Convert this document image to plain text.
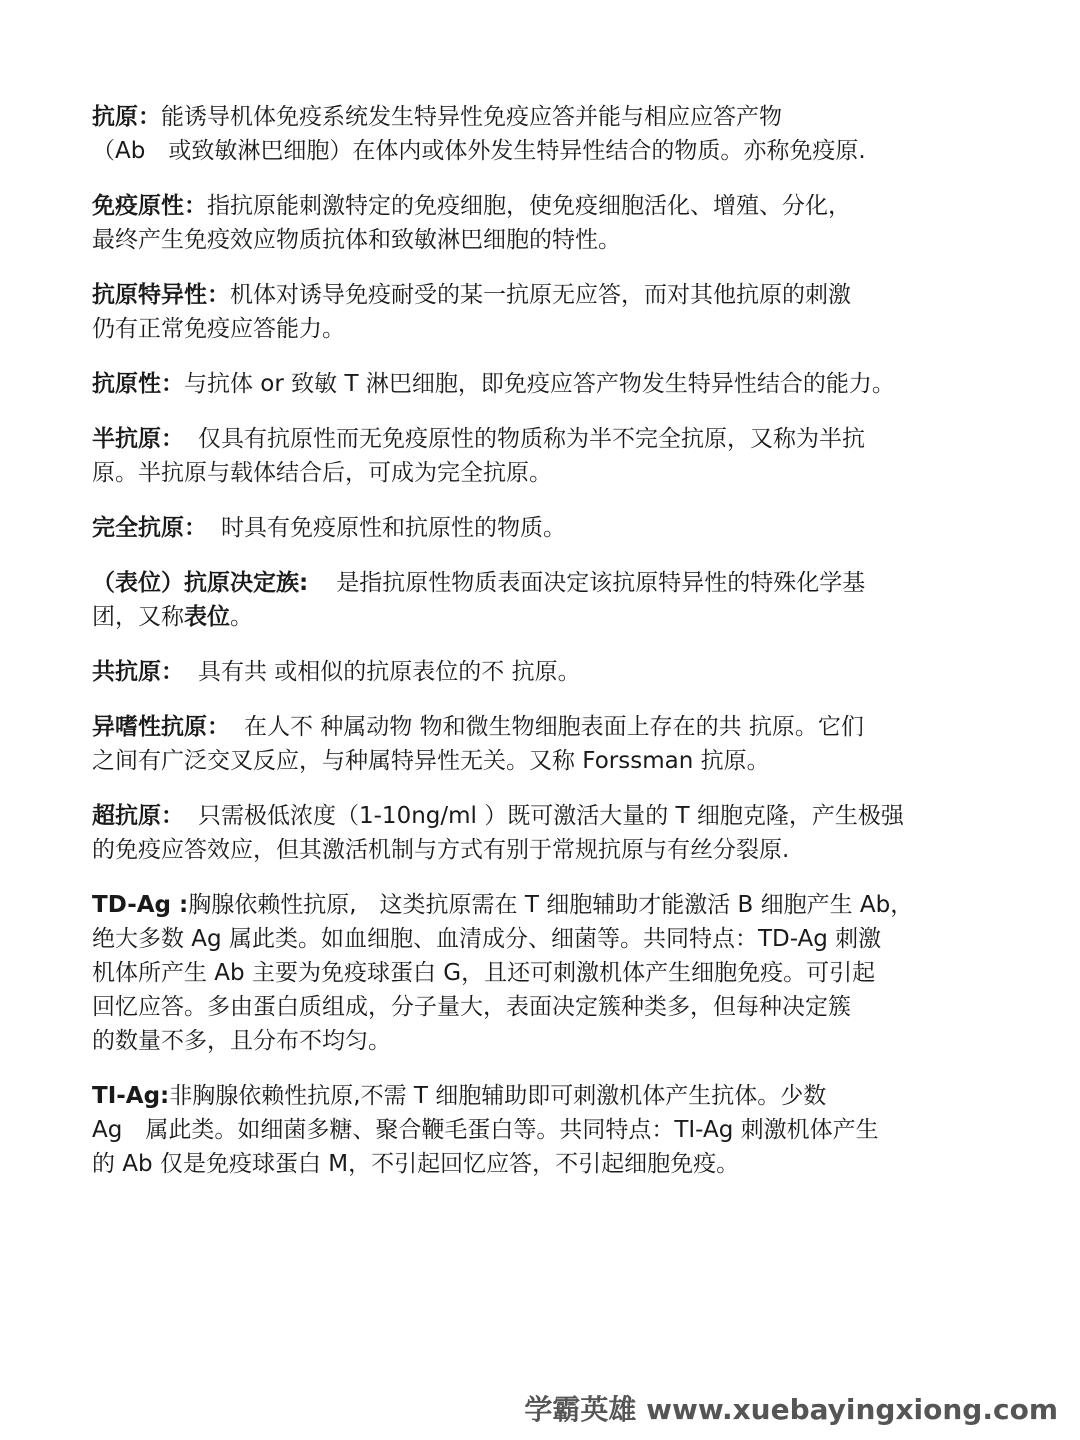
抗原：能诱导机体免疫系统发生特异性免疫应答并能与相应应答产物
（Ab　或致敏淋巴细胞）在体内或体外发生特异性结合的物质。亦称免疫原.
免疫原性：指抗原能刺激特定的免疫细胞，使免疫细胞活化、增殖、分化，
最终产生免疫效应物质抗体和致敏淋巴细胞的特性。
抗原特异性：机体对诱导免疫耐受的某一抗原无应答，而对其他抗原的刺激
仍有正常免疫应答能力。
抗原性：与抗体 or 致敏 T 淋巴细胞，即免疫应答产物发生特异性结合的能力。
半抗原： 仅具有抗原性而无免疫原性的物质称为半不完全抗原，又称为半抗
原。半抗原与载体结合后，可成为完全抗原。
完全抗原： 时具有免疫原性和抗原性的物质。
（表位）抗原决定族: 是指抗原性物质表面决定该抗原特异性的特殊化学基
团，又称表位。
共抗原： 具有共 或相似的抗原表位的不 抗原。
异嗜性抗原： 在人不 种属动物 物和微生物细胞表面上存在的共 抗原。它们
之间有广泛交叉反应，与种属特异性无关。又称 Forssman 抗原。
超抗原： 只需极低浓度（1-10ng/ml ）既可激活大量的 T 细胞克隆，产生极强
的免疫应答效应，但其激活机制与方式有别于常规抗原与有丝分裂原.
TD-Ag :胸腺依赖性抗原,　这类抗原需在 T 细胞辅助才能激活 B 细胞产生 Ab，
绝大多数 Ag 属此类。如血细胞、血清成分、细菌等。共同特点：TD-Ag 刺激
机体所产生 Ab 主要为免疫球蛋白 G，且还可刺激机体产生细胞免疫。可引起
回忆应答。多由蛋白质组成，分子量大，表面决定簇种类多，但每种决定簇
的数量不多，且分布不均匀。
TI-Ag:非胸腺依赖性抗原,不需 T 细胞辅助即可刺激机体产生抗体。少数
Ag　属此类。如细菌多糖、聚合鞭毛蛋白等。共同特点：TI-Ag 刺激机体产生
的 Ab 仅是免疫球蛋白 M，不引起回忆应答，不引起细胞免疫。
学霸英雄 www.xuebayingxiong.com
